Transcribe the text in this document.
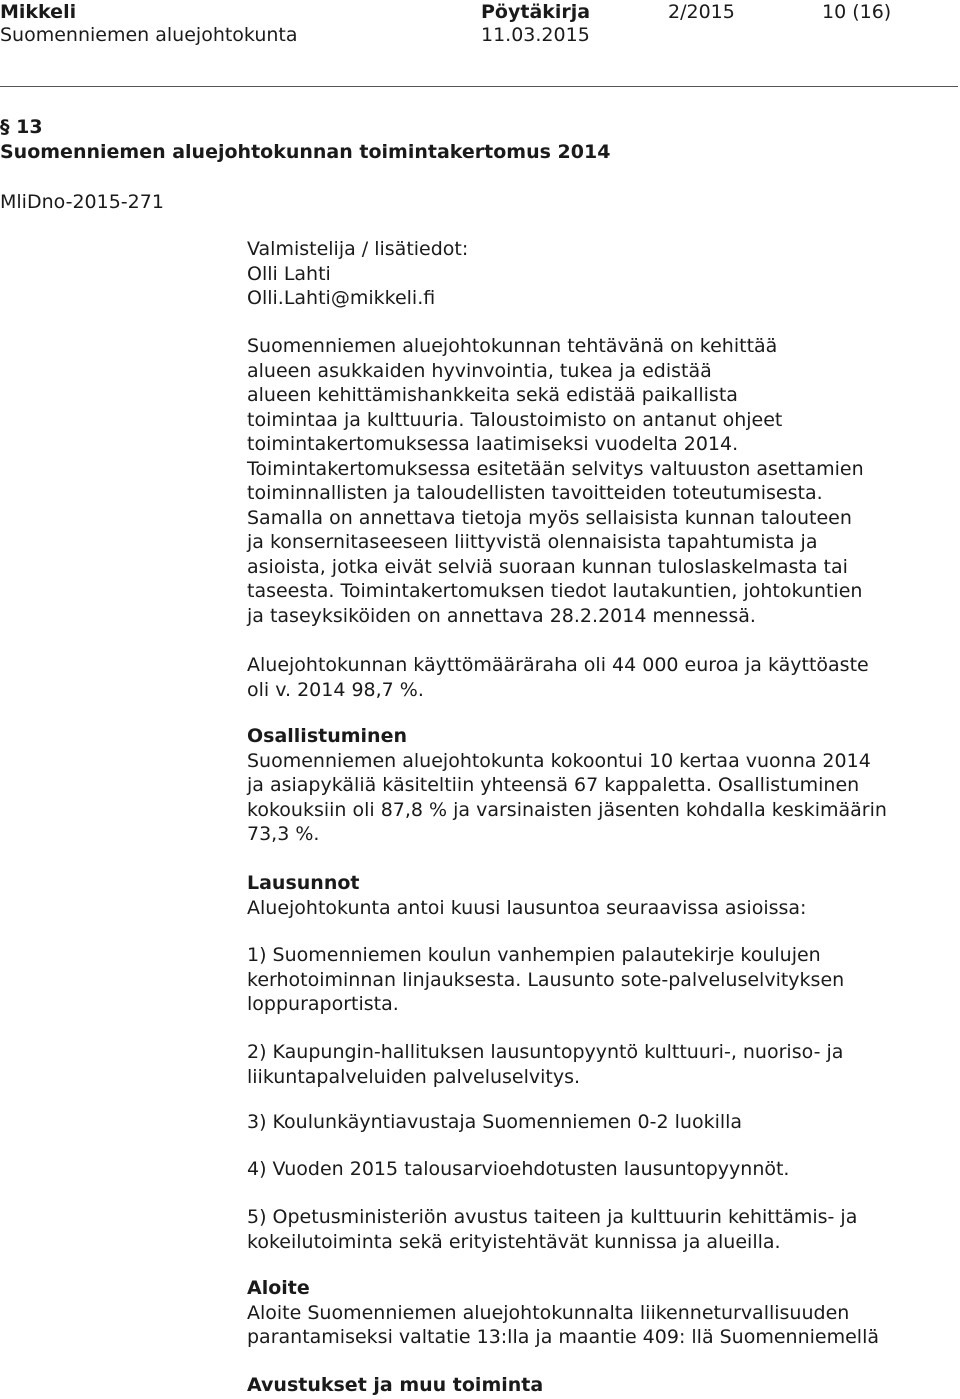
Mikkeli	Pöytäkirja	2/2015	10 (16)
Suomenniemen aluejohtokunta	11.03.2015
§ 13
Suomenniemen aluejohtokunnan toimintakertomus 2014
MliDno-2015-271
Valmistelija / lisätiedot:
Olli Lahti
Olli.Lahti@mikkeli.fi

Suomenniemen aluejohtokunnan tehtävänä on kehittää

alueen asukkaiden hyvinvointia, tukea ja edistää

alueen kehittämishankkeita sekä edistää paikallista

toimintaa ja kulttuuria. Taloustoimisto on antanut ohjeet

toimintakertomuksessa laatimiseksi vuodelta 2014.

Toimintakertomuksessa esitetään selvitys valtuuston asettamien

toiminnallisten ja taloudellisten tavoitteiden toteutumisesta.

Samalla on annettava tietoja myös sellaisista kunnan talouteen

ja konsernitaseeseen liittyvistä olennaisista tapahtumista ja

asioista, jotka eivät selviä suoraan kunnan tuloslaskelmasta tai

taseesta. Toimintakertomuksen tiedot lautakuntien, johtokuntien

ja taseyksiköiden on annettava 28.2.2014 mennessä.

Aluejohtokunnan käyttömääräraha oli 44 000 euroa ja käyttöaste

oli v. 2014 98,7 %.

Osallistuminen

Suomenniemen aluejohtokunta kokoontui 10 kertaa vuonna 2014

ja asiapykäliä käsiteltiin yhteensä 67 kappaletta. Osallistuminen

kokouksiin oli 87,8 % ja varsinaisten jäsenten kohdalla keskimäärin

73,3 %.

Lausunnot

Aluejohtokunta antoi kuusi lausuntoa seuraavissa asioissa:

1) Suomenniemen koulun vanhempien palautekirje koulujen

kerhotoiminnan linjauksesta. Lausunto sote-palveluselvityksen

loppuraportista.

2) Kaupungin-hallituksen lausuntopyyntö kulttuuri-, nuoriso- ja

liikuntapalveluiden palveluselvitys.

3) Koulunkäyntiavustaja Suomenniemen 0-2 luokilla

4) Vuoden 2015 talousarvioehdotusten lausuntopyynnöt.

5) Opetusministeriön avustus taiteen ja kulttuurin kehittämis- ja

kokeilutoiminta sekä erityistehtävät kunnissa ja alueilla.

Aloite

Aloite Suomenniemen aluejohtokunnalta liikenneturvallisuuden

parantamiseksi valtatie 13:lla ja maantie 409: llä Suomenniemellä

Avustukset ja muu toiminta
